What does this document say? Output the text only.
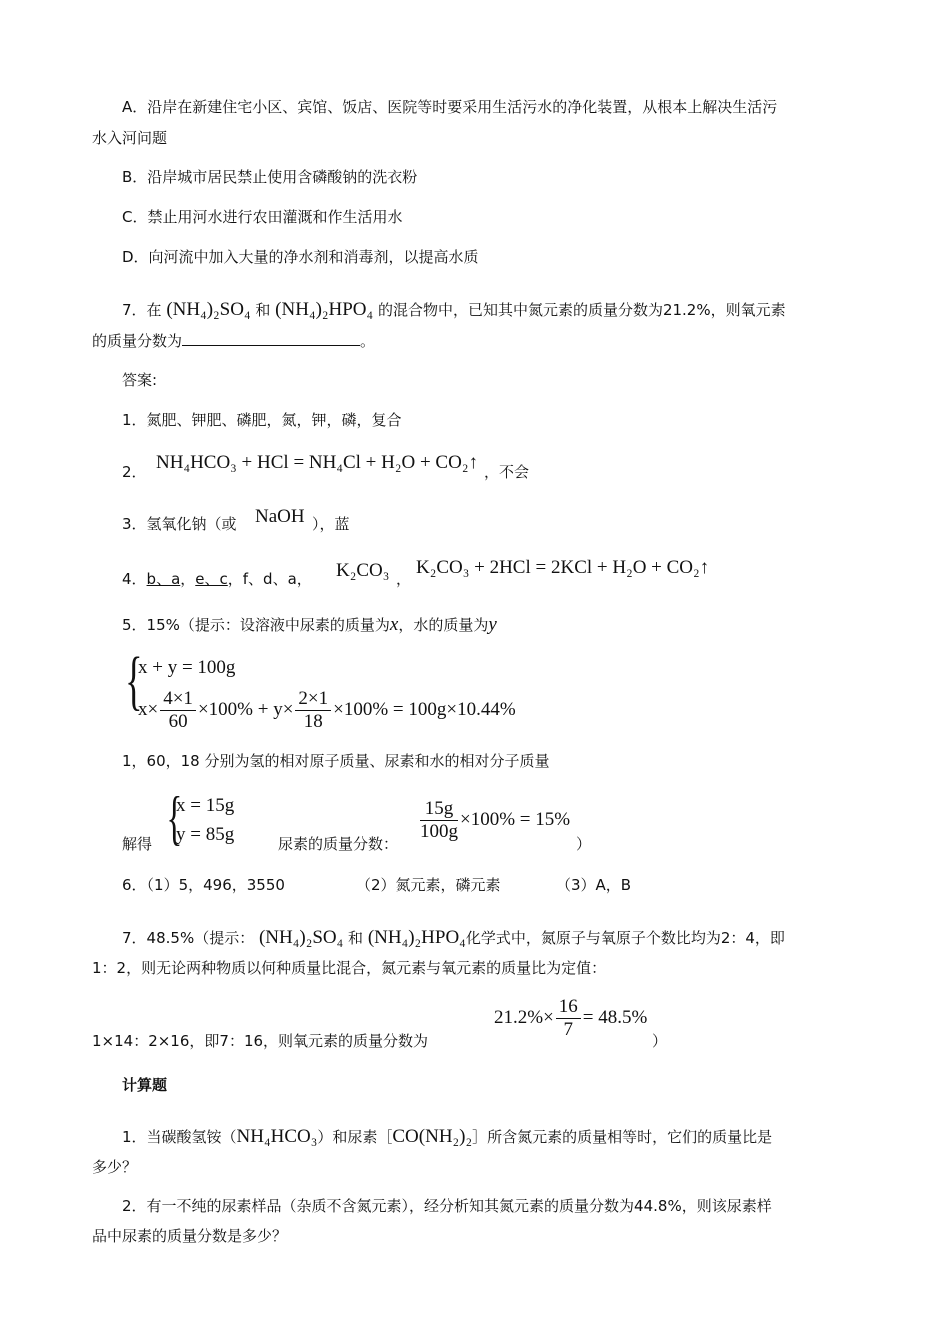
A．沿岸在新建住宅小区、宾馆、饭店、医院等时要采用生活污水的净化装置，从根本上解决生活污
水入河问题
B．沿岸城市居民禁止使用含磷酸钠的洗衣粉
C．禁止用河水进行农田灌溉和作生活用水
D．向河流中加入大量的净水剂和消毒剂，以提高水质
7．在 (NH₄)₂SO₄ 和 (NH₄)₂HPO₄ 的混合物中，已知其中氮元素的质量分数为21.2%，则氧元素
的质量分数为	。
答案:
1．氮肥、钾肥、磷肥，氮，钾，磷，复合
2． NH₄HCO₃ + HCl = NH₄Cl + H₂O + CO₂↑ ，不会
3．氢氧化钠（或 NaOH ），蓝
4．b、a，e、c，f、d、a， K₂CO₃ ，
K₂CO₃ + 2HCl = 2KCl + H₂O + CO₂↑
5．15%（提示：设溶液中尿素的质量为x，水的质量为y
{
x + y = 100g
$x\times \frac{4\times 1}{60} \times 100\% + y\times \frac{2\times 1}{18} \times 100\% = 100g\times 10.44\%$
1，60，18 分别为氢的相对原子质量、尿素和水的相对分子质量
解得 {
x = 15g
y = 85g	尿素的质量分数：
$\frac{15g}{100g} \times 100\% = 15\%$
）
6．（1）5，496，3550	（2）氮元素，磷元素	（3）A，B
7．48.5%（提示： (NH₄)₂SO₄ 和 (NH₄)₂HPO₄化学式中，氮原子与氧原子个数比均为2：4，即
1：2，则无论两种物质以何种质量比混合，氮元素与氧元素的质量比为定值：
1×14：2×16，即7：16，则氧元素的质量分数为
$21.2\%\times \frac{16}{7} = 48.5\%$
）
计算题
1．当碳酸氢铵（NH₄HCO₃）和尿素［CO(NH₂)₂］所含氮元素的质量相等时，它们的质量比是
多少？
2．有一不纯的尿素样品（杂质不含氮元素），经分析知其氮元素的质量分数为44.8%，则该尿素样
品中尿素的质量分数是多少？
